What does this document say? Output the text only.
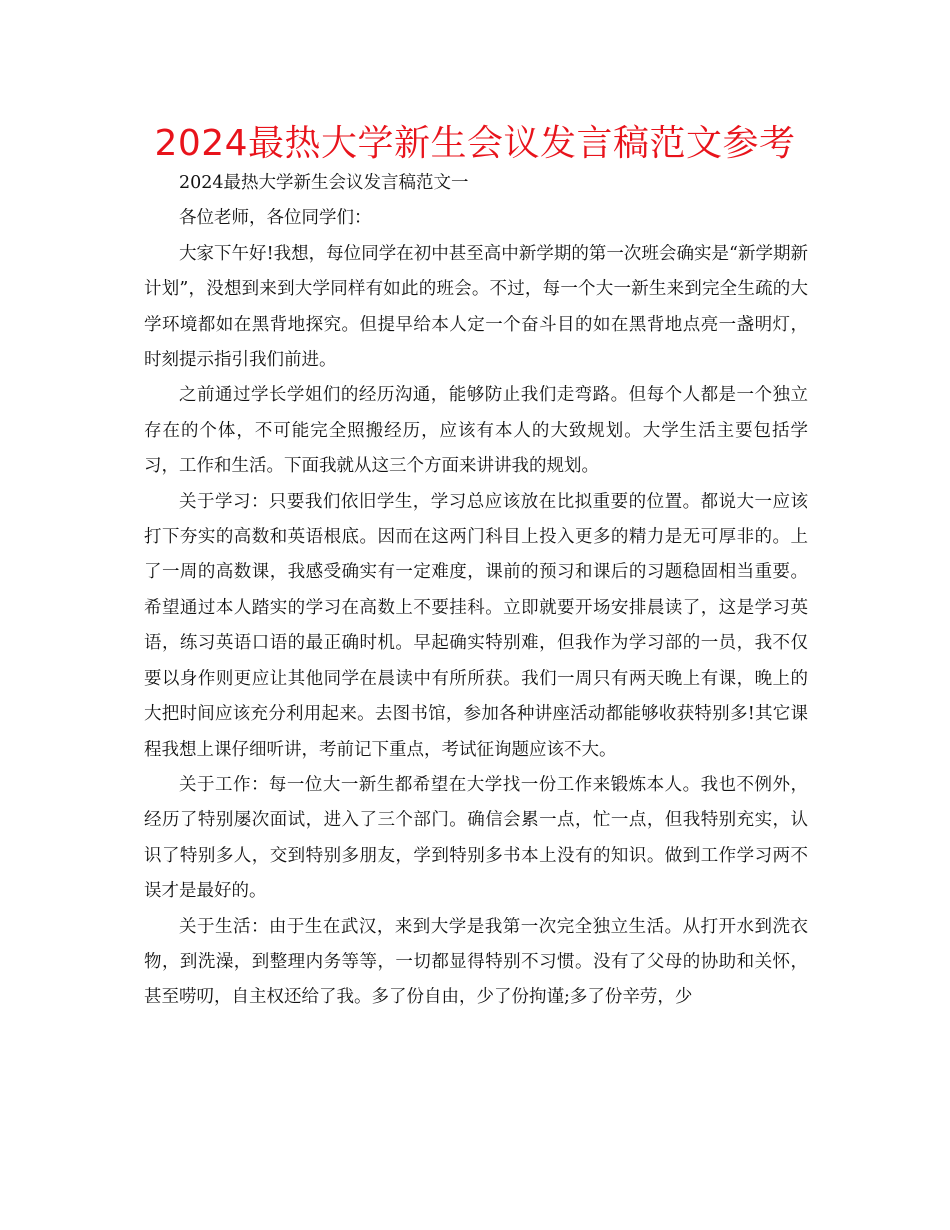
2024最热大学新生会议发言稿范文参考

2024最热大学新生会议发言稿范文一

各位老师，各位同学们：

大家下午好!我想，每位同学在初中甚至高中新学期的第一次班会确实是“新学期新计划”，没想到来到大学同样有如此的班会。不过，每一个大一新生来到完全生疏的大学环境都如在黑背地探究。但提早给本人定一个奋斗目的如在黑背地点亮一盏明灯，时刻提示指引我们前进。

之前通过学长学姐们的经历沟通，能够防止我们走弯路。但每个人都是一个独立存在的个体，不可能完全照搬经历，应该有本人的大致规划。大学生活主要包括学习，工作和生活。下面我就从这三个方面来讲讲我的规划。

关于学习：只要我们依旧学生，学习总应该放在比拟重要的位置。都说大一应该打下夯实的高数和英语根底。因而在这两门科目上投入更多的精力是无可厚非的。上了一周的高数课，我感受确实有一定难度，课前的预习和课后的习题稳固相当重要。希望通过本人踏实的学习在高数上不要挂科。立即就要开场安排晨读了，这是学习英语，练习英语口语的最正确时机。早起确实特别难，但我作为学习部的一员，我不仅要以身作则更应让其他同学在晨读中有所所获。我们一周只有两天晚上有课，晚上的大把时间应该充分利用起来。去图书馆，参加各种讲座活动都能够收获特别多!其它课程我想上课仔细听讲，考前记下重点，考试征询题应该不大。

关于工作：每一位大一新生都希望在大学找一份工作来锻炼本人。我也不例外，经历了特别屡次面试，进入了三个部门。确信会累一点，忙一点，但我特别充实，认识了特别多人，交到特别多朋友，学到特别多书本上没有的知识。做到工作学习两不误才是最好的。

关于生活：由于生在武汉，来到大学是我第一次完全独立生活。从打开水到洗衣物，到洗澡，到整理内务等等，一切都显得特别不习惯。没有了父母的协助和关怀，甚至唠叨，自主权还给了我。多了份自由，少了份拘谨;多了份辛劳，少
